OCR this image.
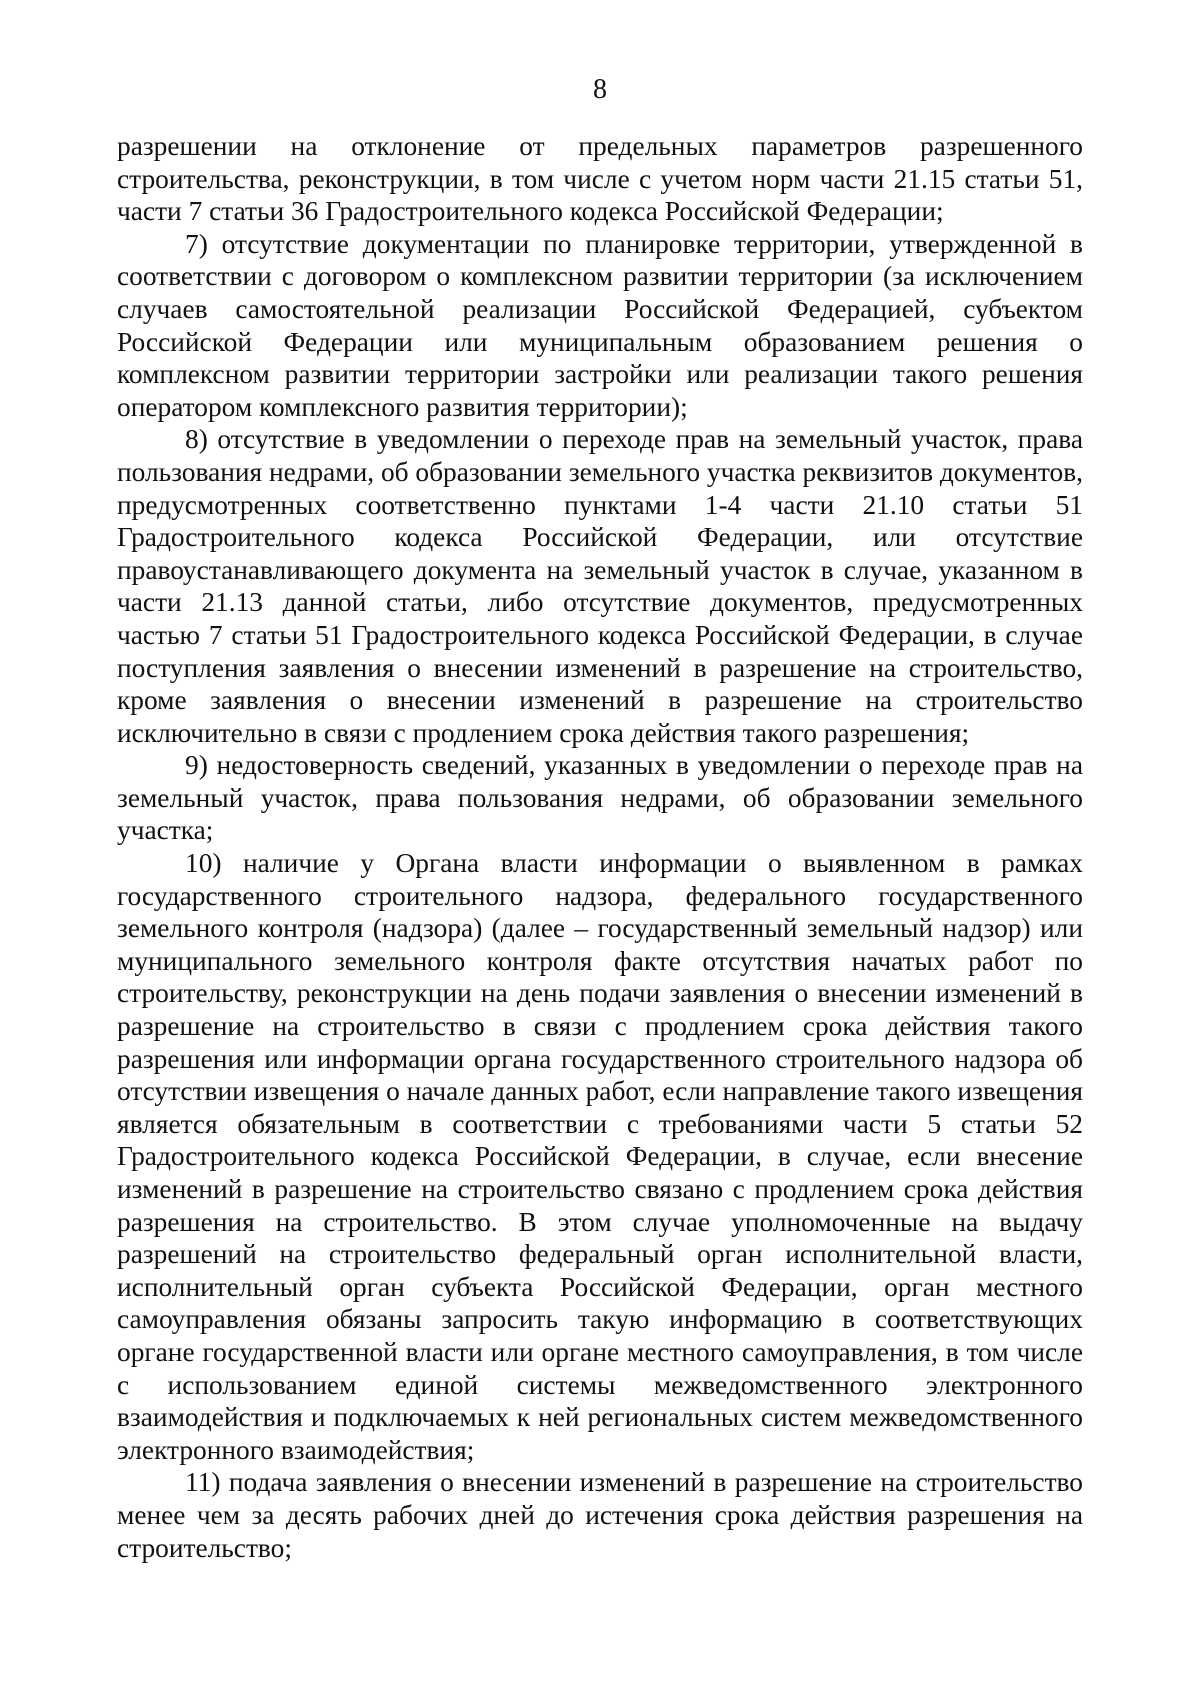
8

разрешении на отклонение от предельных параметров разрешенного строительства, реконструкции, в том числе с учетом норм части 21.15 статьи 51, части 7 статьи 36 Градостроительного кодекса Российской Федерации;

7) отсутствие документации по планировке территории, утвержденной в соответствии с договором о комплексном развитии территории (за исключением случаев самостоятельной реализации Российской Федерацией, субъектом Российской Федерации или муниципальным образованием решения о комплексном развитии территории застройки или реализации такого решения оператором комплексного развития территории);

8) отсутствие в уведомлении о переходе прав на земельный участок, права пользования недрами, об образовании земельного участка реквизитов документов, предусмотренных соответственно пунктами 1-4 части 21.10 статьи 51 Градостроительного кодекса Российской Федерации, или отсутствие правоустанавливающего документа на земельный участок в случае, указанном в части 21.13 данной статьи, либо отсутствие документов, предусмотренных частью 7 статьи 51 Градостроительного кодекса Российской Федерации, в случае поступления заявления о внесении изменений в разрешение на строительство, кроме заявления о внесении изменений в разрешение на строительство исключительно в связи с продлением срока действия такого разрешения;

9) недостоверность сведений, указанных в уведомлении о переходе прав на земельный участок, права пользования недрами, об образовании земельного участка;

10) наличие у Органа власти информации о выявленном в рамках государственного строительного надзора, федерального государственного земельного контроля (надзора) (далее – государственный земельный надзор) или муниципального земельного контроля факте отсутствия начатых работ по строительству, реконструкции на день подачи заявления о внесении изменений в разрешение на строительство в связи с продлением срока действия такого разрешения или информации органа государственного строительного надзора об отсутствии извещения о начале данных работ, если направление такого извещения является обязательным в соответствии с требованиями части 5 статьи 52 Градостроительного кодекса Российской Федерации, в случае, если внесение изменений в разрешение на строительство связано с продлением срока действия разрешения на строительство. В этом случае уполномоченные на выдачу разрешений на строительство федеральный орган исполнительной власти, исполнительный орган субъекта Российской Федерации, орган местного самоуправления обязаны запросить такую информацию в соответствующих органе государственной власти или органе местного самоуправления, в том числе с использованием единой системы межведомственного электронного взаимодействия и подключаемых к ней региональных систем межведомственного электронного взаимодействия;

11) подача заявления о внесении изменений в разрешение на строительство менее чем за десять рабочих дней до истечения срока действия разрешения на строительство;
